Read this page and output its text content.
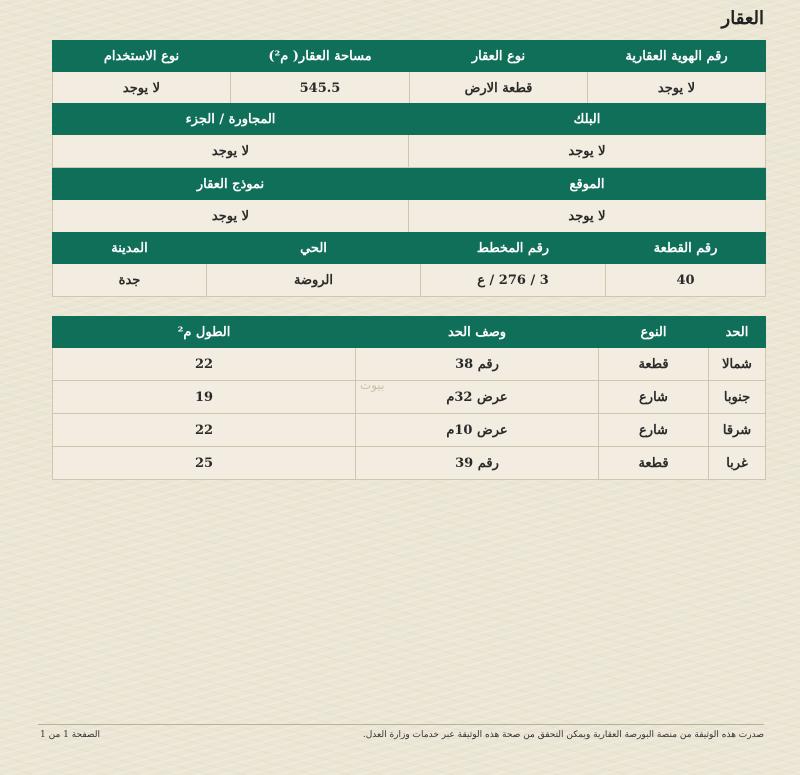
العقار
رقم الهوية العقارية	نوع العقار	مساحة العقار( م²)	نوع الاستخدام
لا يوجد	قطعة الارض	545.5	لا يوجد
البلك	المجاورة / الجزء
لا يوجد	لا يوجد
الموقع	نموذج العقار
لا يوجد	لا يوجد
رقم القطعة	رقم المخطط	الحي	المدينة
40	3 / 276 / ع	الروضة	جدة
الحد	النوع	وصف الحد	الطول م²
شمالا	قطعة	رقم 38	22
جنوبا	شارع	عرض 32م	19
شرقا	شارع	عرض 10م	22
غربا	قطعة	رقم 39	25
بيوت
صدرت هذه الوثيقة من منصة البورصة العقارية ويمكن التحقق من صحة هذه الوثيقة عبر خدمات وزارة العدل.
الصفحة 1 من 1
